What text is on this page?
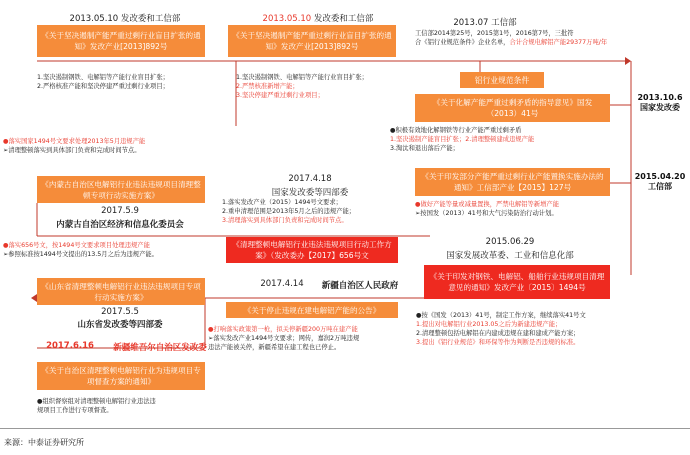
2013.05.10 发改委和工信部
《关于坚决遏制产能严重过剩行业盲目扩张的通知》发改产业[2013]892号
1.坚决遏制钢铁、电解铝等产能行业盲目扩张；
2.严格核准产能和坚决停建严重过剩行业项目；
2013.05.10 发改委和工信部
《关于坚决遏制产能严重过剩行业盲目扩张的通知》发改产业[2013]892号
1.坚决遏制钢铁、电解铝等产能行业盲目扩张；
2.严禁核准新增产能；
3.坚决停建严重过剩行业项目；
2013.07 工信部
工信部2014第25号，2015第1号，2016第7号，三批符
合《铝行业规范条件》企业名单，合计合规电解铝产能29377万吨/年
铝行业规范条件
《关于化解产能严重过剩矛盾的指导意见》国发（2013）41号
●积极有效地化解钢铁等行业产能严重过剩矛盾
1.坚决遏制产能盲目扩张；2.清理整顿建成违规产能
3.淘汰和退出落后产能；
2013.10.6
国家发改委
2015.04.20
工信部
《关于印发部分产能严重过剩行业产能置换实施办法的通知》工信部产业【2015】127号
●做好产能等量或减量置换，严禁电解铝等新增产能
➢按国发（2013）41号和大气污染防治行动计划。
2017.4.18
国家发改委等四部委
1.落实发改产业（2015）1494号文要求；
2.重申清理范围是2013年5月之后的违规产能；
3.清理落实到具体部门负责和完成时间节点。
《清理整顿电解铝行业违法违规项目行动工作方案》（发改委办【2017】656号文
2015.06.29
国家发展改革委、工业和信息化部
《关于印发对钢铁、电解铝、船舶行业违规项目清理意见的通知》发改产业〔2015〕1494号
●按《国发（2013）41号，制定工作方案，继续落实41号文
1.提出对电解铝行业2013.05之后为新建违规产能；
2.清理整顿包括电解铝在内建成违规在建和建成产能方案；
3.提出《铝行业规范》和环保等作为判断是否违规的标准。
●落实国家1494号文要求处理2013年5月违规产能
➢清理整顿落实到具体部门负责和完成时间节点。
《内蒙古自治区电解铝行业违法违规项目清理整顿专项行动实施方案》
2017.5.9
内蒙古自治区经济和信息化委员会
●落实656号文，按1494号文要求项目处理违规产能
➢参照标准按1494号文提出的13.5月之后为违规产能。
《山东省清理整顿电解铝行业违法违规项目专项行动实施方案》
2017.5.5
山东省发改委等四部委
2017.4.14	新疆自治区人民政府
《关于停止违规在建电解铝产能的公告》
●打响落实政策第一枪，拟关停新疆200万吨在建产能
➢落实发改产业1494号文要求；网传，嘉润2万吨违规
违法产能被关停，新疆希望在建工程也已停止。
2017.6.16	新疆维吾尔自治区发改委
《关于自治区清理整顿电解铝行业为违规项目专项督查方案的通知》
●组织督察组对清理整顿电解铝行业违法违
规项目工作进行专项督查。
来源：中泰证券研究所
